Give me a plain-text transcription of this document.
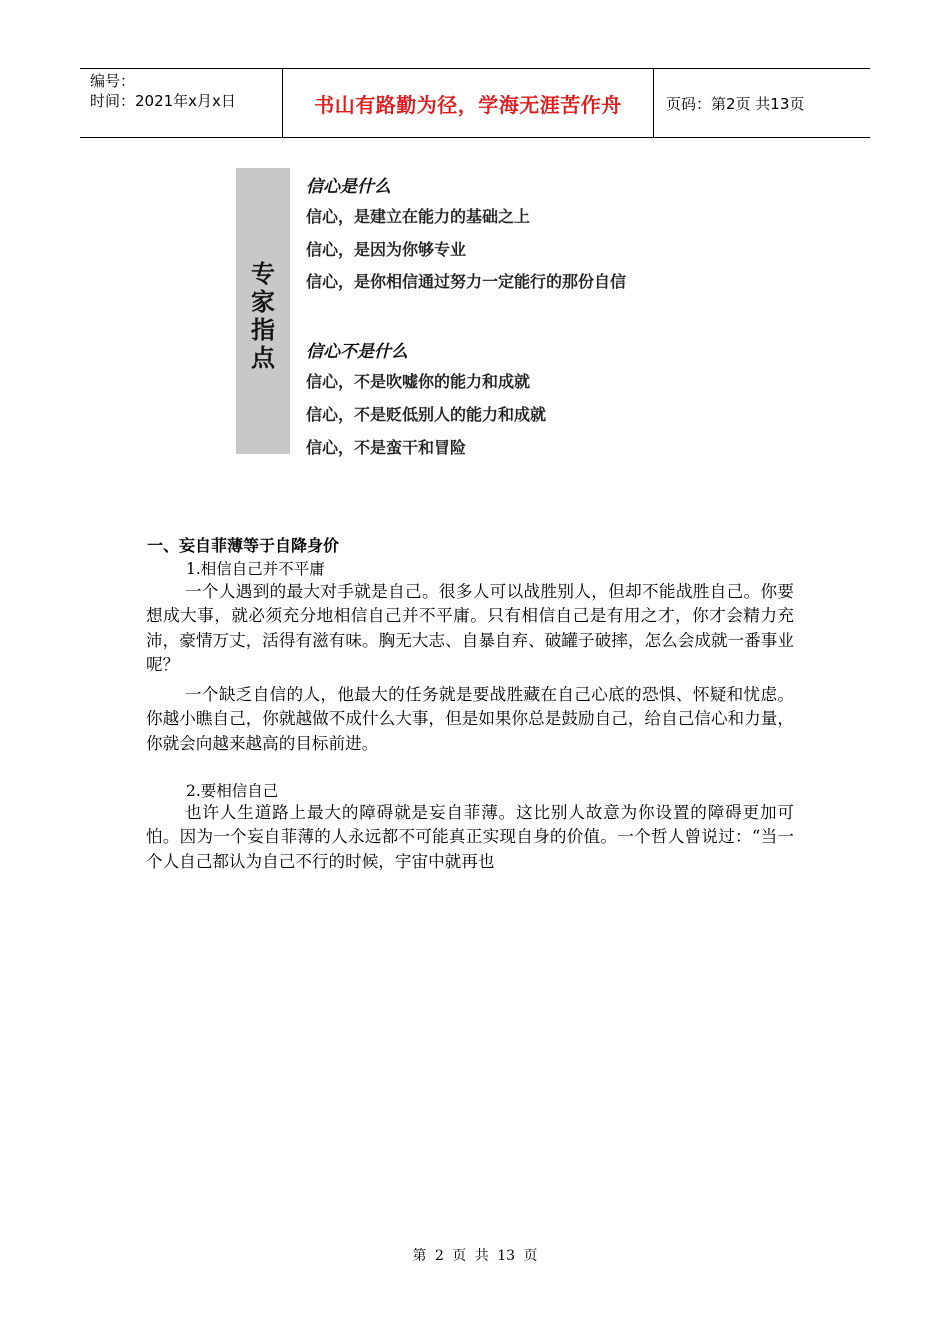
编号：
时间：2021年x月x日	书山有路勤为径，学海无涯苦作舟	页码：第2页 共13页
专家指点
信心是什么
信心，是建立在能力的基础之上
信心，是因为你够专业
信心，是你相信通过努力一定能行的那份自信
信心不是什么
信心，不是吹嘘你的能力和成就
信心，不是贬低别人的能力和成就
信心，不是蛮干和冒险
一、妄自菲薄等于自降身价
1.相信自己并不平庸

一个人遇到的最大对手就是自己。很多人可以战胜别人，但却不能战胜自己。你要想成大事，就必须充分地相信自己并不平庸。只有相信自己是有用之才，你才会精力充沛，豪情万丈，活得有滋有味。胸无大志、自暴自弃、破罐子破摔，怎么会成就一番事业呢？

一个缺乏自信的人，他最大的任务就是要战胜藏在自己心底的恐惧、怀疑和忧虑。你越小瞧自己，你就越做不成什么大事，但是如果你总是鼓励自己，给自己信心和力量，你就会向越来越高的目标前进。

2.要相信自己

也许人生道路上最大的障碍就是妄自菲薄。这比别人故意为你设置的障碍更加可怕。因为一个妄自菲薄的人永远都不可能真正实现自身的价值。一个哲人曾说过：“当一个人自己都认为自己不行的时候，宇宙中就再也

第 2 页 共 13 页
